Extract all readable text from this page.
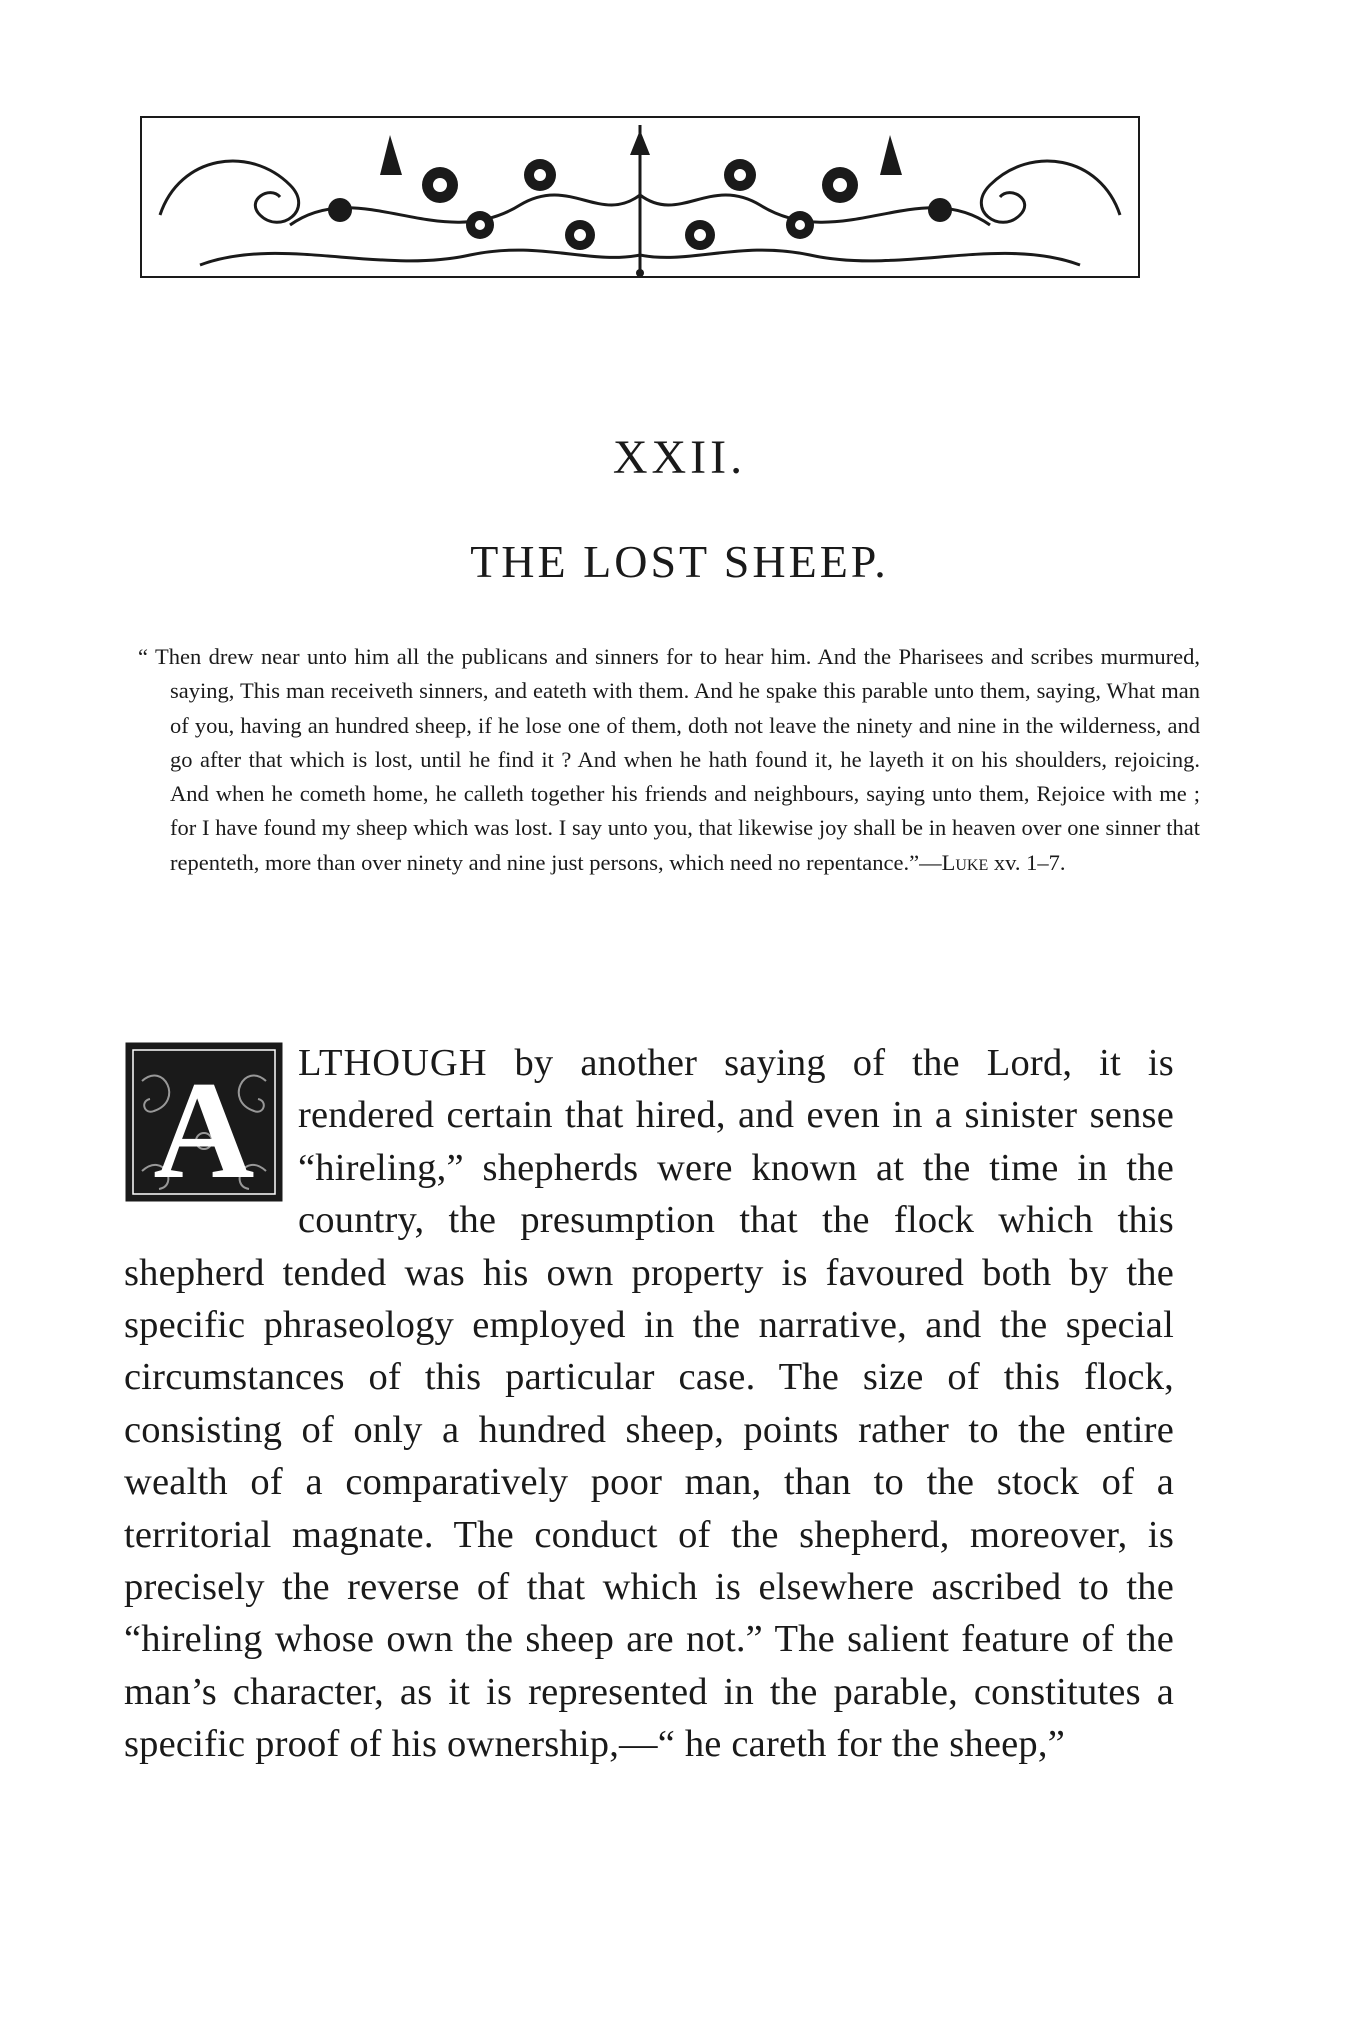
XXII.
THE LOST SHEEP.
“ Then drew near unto him all the publicans and sinners for to hear him. And the Pharisees and scribes murmured, saying, This man receiveth sinners, and eateth with them. And he spake this parable unto them, saying, What man of you, having an hundred sheep, if he lose one of them, doth not leave the ninety and nine in the wilderness, and go after that which is lost, until he find it ? And when he hath found it, he layeth it on his shoulders, rejoicing. And when he cometh home, he calleth together his friends and neighbours, saying unto them, Rejoice with me ; for I have found my sheep which was lost. I say unto you, that likewise joy shall be in heaven over one sinner that repenteth, more than over ninety and nine just persons, which need no repentance.”—Luke xv. 1–7.
A LTHOUGH by another saying of the Lord, it is rendered certain that hired, and even in a sinister sense “hireling,” shepherds were known at the time in the country, the presumption that the flock which this shepherd tended was his own property is favoured both by the specific phraseology employed in the narrative, and the special circumstances of this particular case. The size of this flock, consisting of only a hundred sheep, points rather to the entire wealth of a comparatively poor man, than to the stock of a territorial magnate. The conduct of the shepherd, moreover, is precisely the reverse of that which is elsewhere ascribed to the “hireling whose own the sheep are not.” The salient feature of the man’s character, as it is represented in the parable, constitutes a specific proof of his ownership,—“ he careth for the sheep,”
